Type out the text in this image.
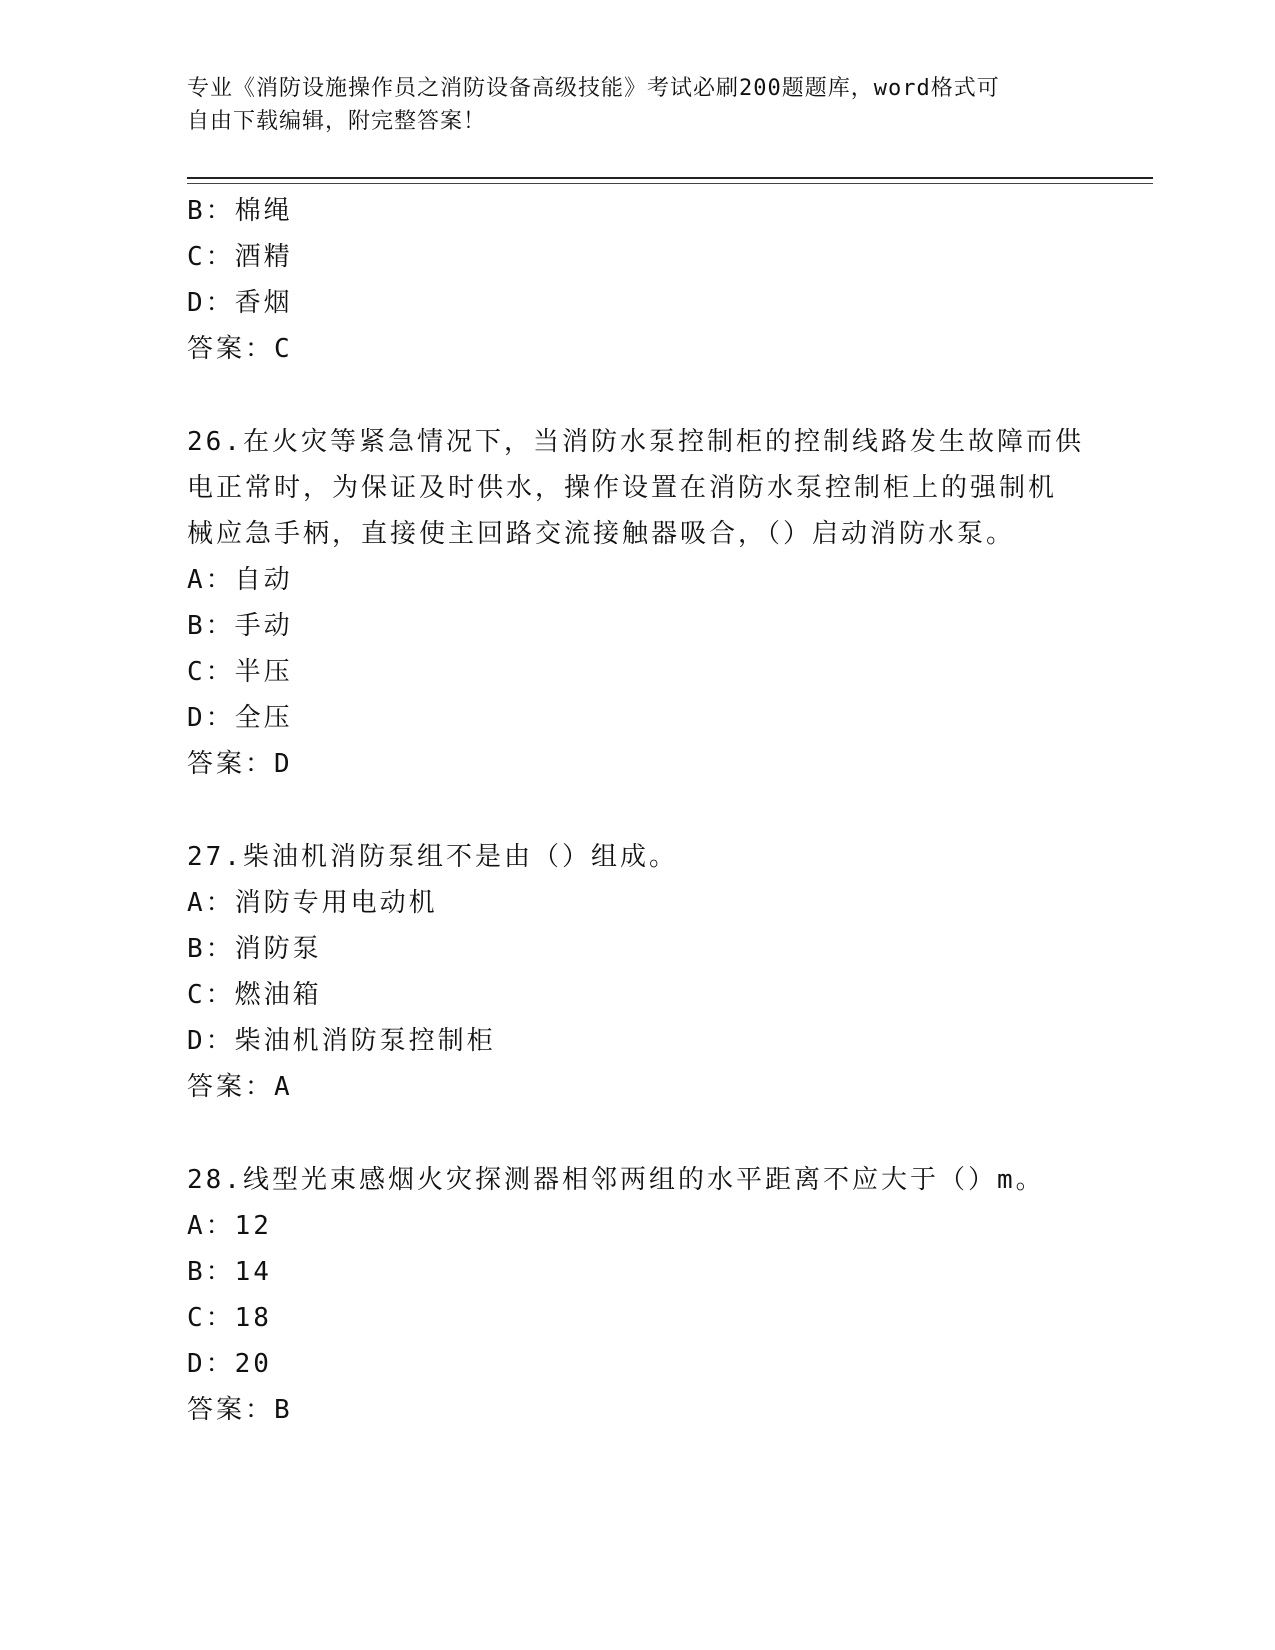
专业《消防设施操作员之消防设备高级技能》考试必刷200题题库，word格式可
自由下载编辑，附完整答案！
B：棉绳
C：酒精
D：香烟
答案：C
26.在火灾等紧急情况下，当消防水泵控制柜的控制线路发生故障而供
电正常时，为保证及时供水，操作设置在消防水泵控制柜上的强制机
械应急手柄，直接使主回路交流接触器吸合，（）启动消防水泵。
A：自动
B：手动
C：半压
D：全压
答案：D
27.柴油机消防泵组不是由（）组成。
A：消防专用电动机
B：消防泵
C：燃油箱
D：柴油机消防泵控制柜
答案：A
28.线型光束感烟火灾探测器相邻两组的水平距离不应大于（）m。
A：12
B：14
C：18
D：20
答案：B
